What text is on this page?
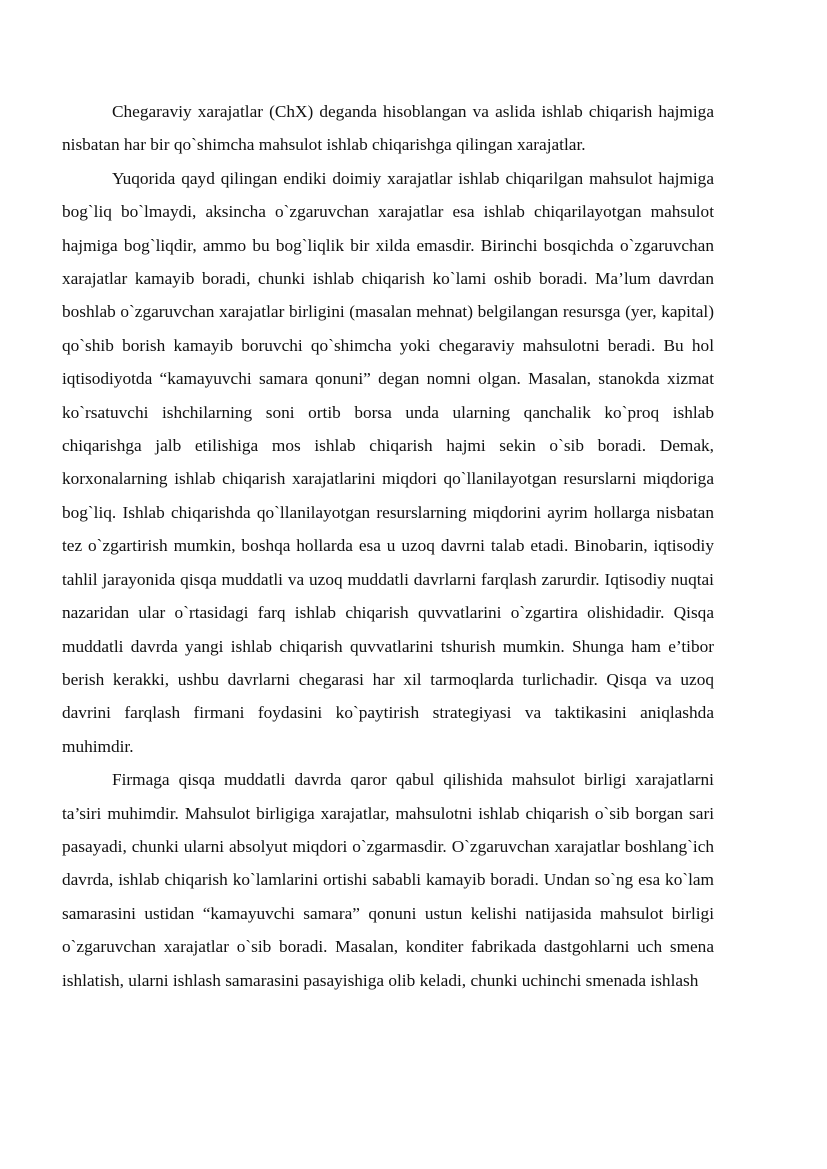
Chegaraviy xarajatlar (ChX) deganda hisoblangan va aslida ishlab chiqarish hajmiga nisbatan har bir qo`shimcha mahsulot ishlab chiqarishga qilingan xarajatlar.

Yuqorida qayd qilingan endiki doimiy xarajatlar ishlab chiqarilgan mahsulot hajmiga bog`liq bo`lmaydi, aksincha o`zgaruvchan xarajatlar esa ishlab chiqarilayotgan mahsulot hajmiga bog`liqdir, ammo bu bog`liqlik bir xilda emasdir. Birinchi bosqichda o`zgaruvchan xarajatlar kamayib boradi, chunki ishlab chiqarish ko`lami oshib boradi. Ma’lum davrdan boshlab o`zgaruvchan xarajatlar birligini (masalan mehnat) belgilangan resursga (yer, kapital) qo`shib borish kamayib boruvchi qo`shimcha yoki chegaraviy mahsulotni beradi. Bu hol iqtisodiyotda “kamayuvchi samara qonuni” degan nomni olgan. Masalan, stanokda xizmat ko`rsatuvchi ishchilarning soni ortib borsa unda ularning qanchalik ko`proq ishlab chiqarishga jalb etilishiga mos ishlab chiqarish hajmi sekin o`sib boradi. Demak, korxonalarning ishlab chiqarish xarajatlarini miqdori qo`llanilayotgan resurslarni miqdoriga bog`liq. Ishlab chiqarishda qo`llanilayotgan resurslarning miqdorini ayrim hollarga nisbatan tez o`zgartirish mumkin, boshqa hollarda esa u uzoq davrni talab etadi. Binobarin, iqtisodiy tahlil jarayonida qisqa muddatli va uzoq muddatli davrlarni farqlash zarurdir. Iqtisodiy nuqtai nazaridan ular o`rtasidagi farq ishlab chiqarish quvvatlarini o`zgartira olishidadir. Qisqa muddatli davrda yangi ishlab chiqarish quvvatlarini tshurish mumkin. Shunga ham e’tibor berish kerakki, ushbu davrlarni chegarasi har xil tarmoqlarda turlichadir. Qisqa va uzoq davrini farqlash firmani foydasini ko`paytirish strategiyasi va taktikasini aniqlashda muhimdir.

Firmaga qisqa muddatli davrda qaror qabul qilishida mahsulot birligi xarajatlarni ta’siri muhimdir. Mahsulot birligiga xarajatlar, mahsulotni ishlab chiqarish o`sib borgan sari pasayadi, chunki ularni absolyut miqdori o`zgarmasdir. O`zgaruvchan xarajatlar boshlang`ich davrda, ishlab chiqarish ko`lamlarini ortishi sababli kamayib boradi. Undan so`ng esa ko`lam samarasini ustidan “kamayuvchi samara” qonuni ustun kelishi natijasida mahsulot birligi o`zgaruvchan xarajatlar o`sib boradi. Masalan, konditer fabrikada dastgohlarni uch smena ishlatish, ularni ishlash samarasini pasayishiga olib keladi, chunki uchinchi smenada ishlash
